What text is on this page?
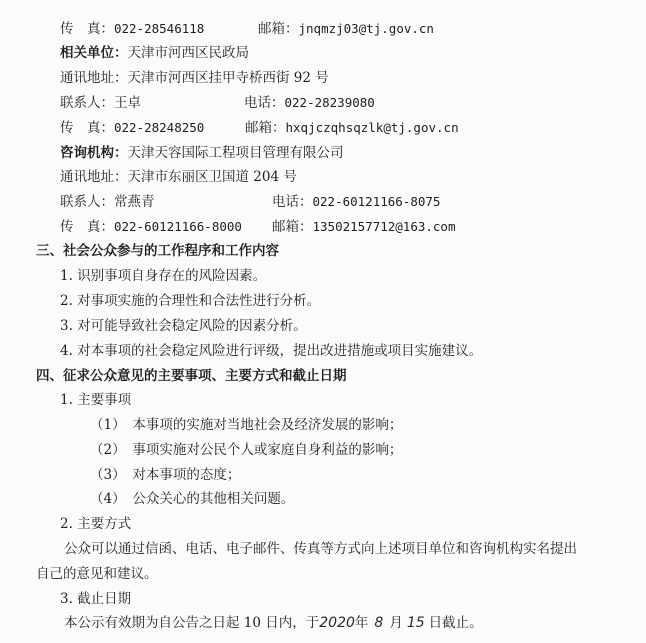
传　真：022-28546118	邮箱：jnqmzj03@tj.gov.cn
相关单位：天津市河西区民政局
通讯地址：天津市河西区挂甲寺桥西街 92 号
联系人：王卓	电话：022-28239080
传　真：022-28248250	邮箱：hxqjczqhsqzlk@tj.gov.cn
咨询机构：天津天容国际工程项目管理有限公司
通讯地址：天津市东丽区卫国道 204 号
联系人：常燕青	电话：022-60121166-8075
传　真：022-60121166-8000 邮箱：13502157712@163.com
三、社会公众参与的工作程序和工作内容
1. 识别事项自身存在的风险因素。
2. 对事项实施的合理性和合法性进行分析。
3. 对可能导致社会稳定风险的因素分析。
4. 对本事项的社会稳定风险进行评级，提出改进措施或项目实施建议。
四、征求公众意见的主要事项、主要方式和截止日期
1. 主要事项
（1）　本事项的实施对当地社会及经济发展的影响；
（2）　事项实施对公民个人或家庭自身利益的影响；
（3）　对本事项的态度；
（4）　公众关心的其他相关问题。
2. 主要方式
公众可以通过信函、电话、电子邮件、传真等方式向上述项目单位和咨询机构实名提出
自己的意见和建议。
3. 截止日期
本公示有效期为自公告之日起 10 日内，于2020年 8 月 15 日截止。
